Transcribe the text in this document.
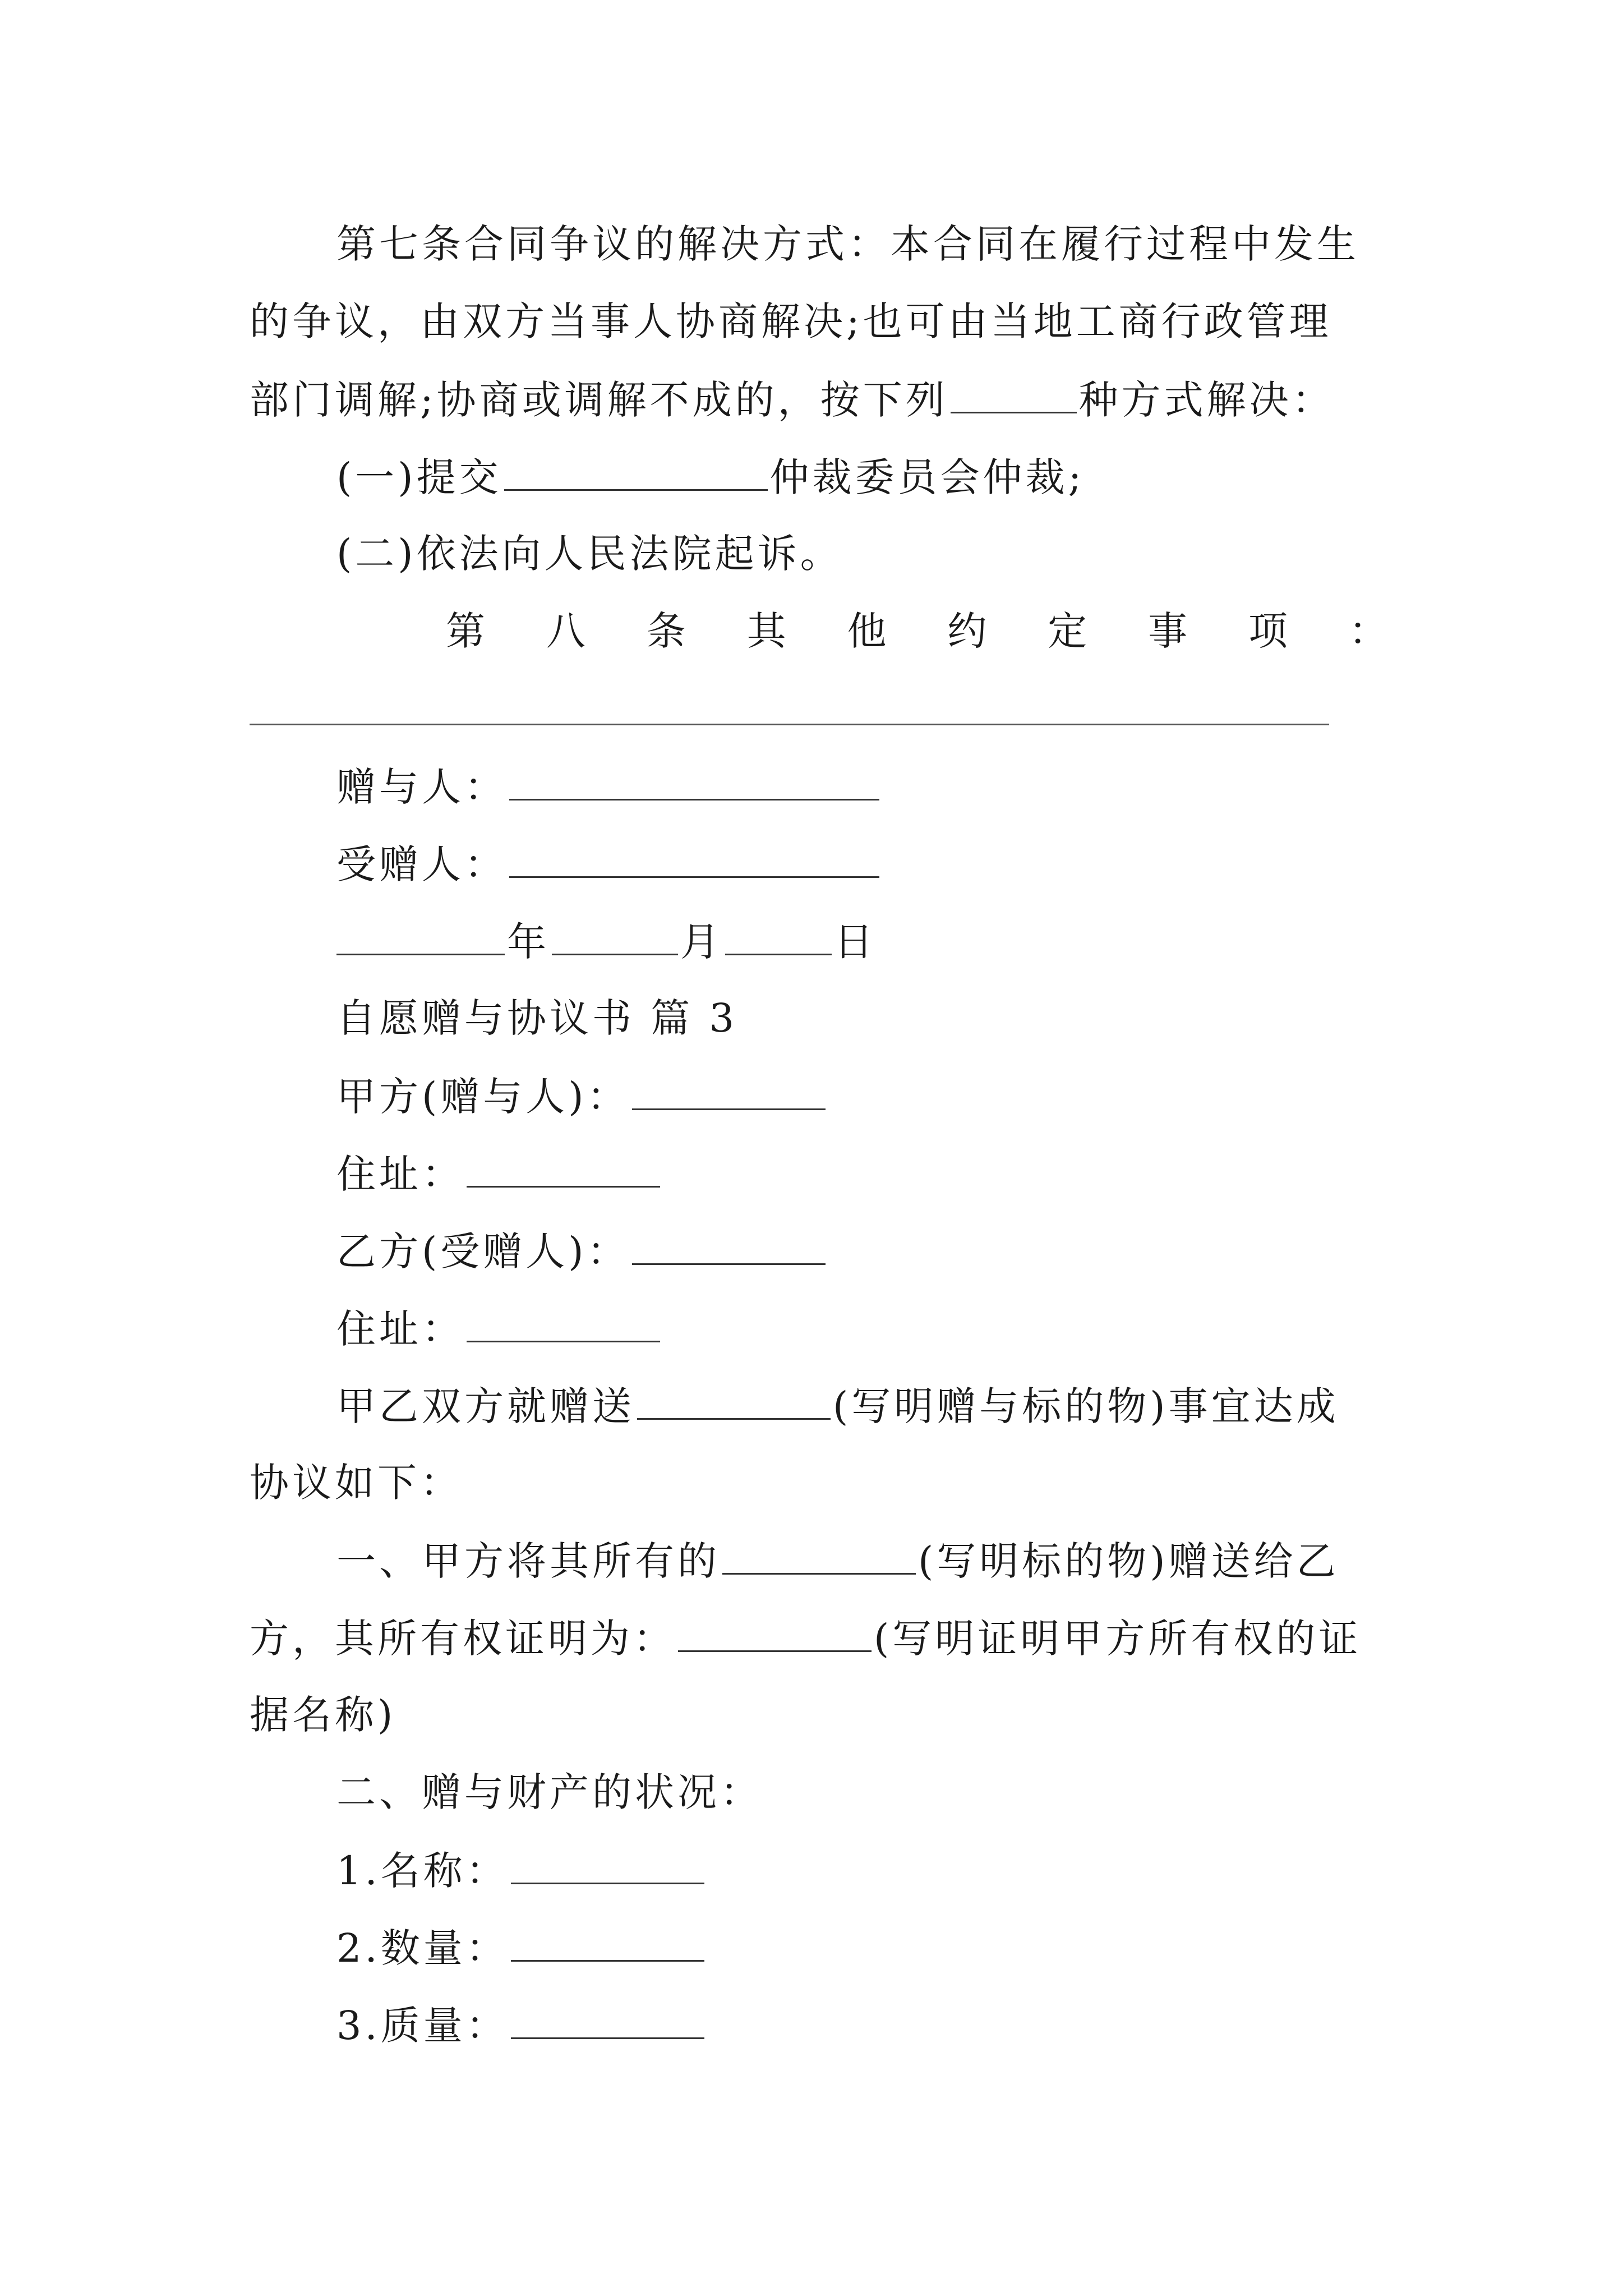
第七条合同争议的解决方式：本合同在履行过程中发生
的争议，由双方当事人协商解决;也可由当地工商行政管理
部门调解;协商或调解不成的，按下列	种方式解决：
(一)提交	仲裁委员会仲裁;
(二)依法向人民法院起诉。
第 八 条 其 他 约 定 事 项 ：
赠与人：
受赠人：
年	月	日
自愿赠与协议书 篇 3
甲方(赠与人)：
住址：
乙方(受赠人)：
住址：
甲乙双方就赠送	(写明赠与标的物)事宜达成
协议如下：
一、甲方将其所有的	(写明标的物)赠送给乙
方，其所有权证明为：	(写明证明甲方所有权的证
据名称)
二、赠与财产的状况：
1.名称：
2.数量：
3.质量：
